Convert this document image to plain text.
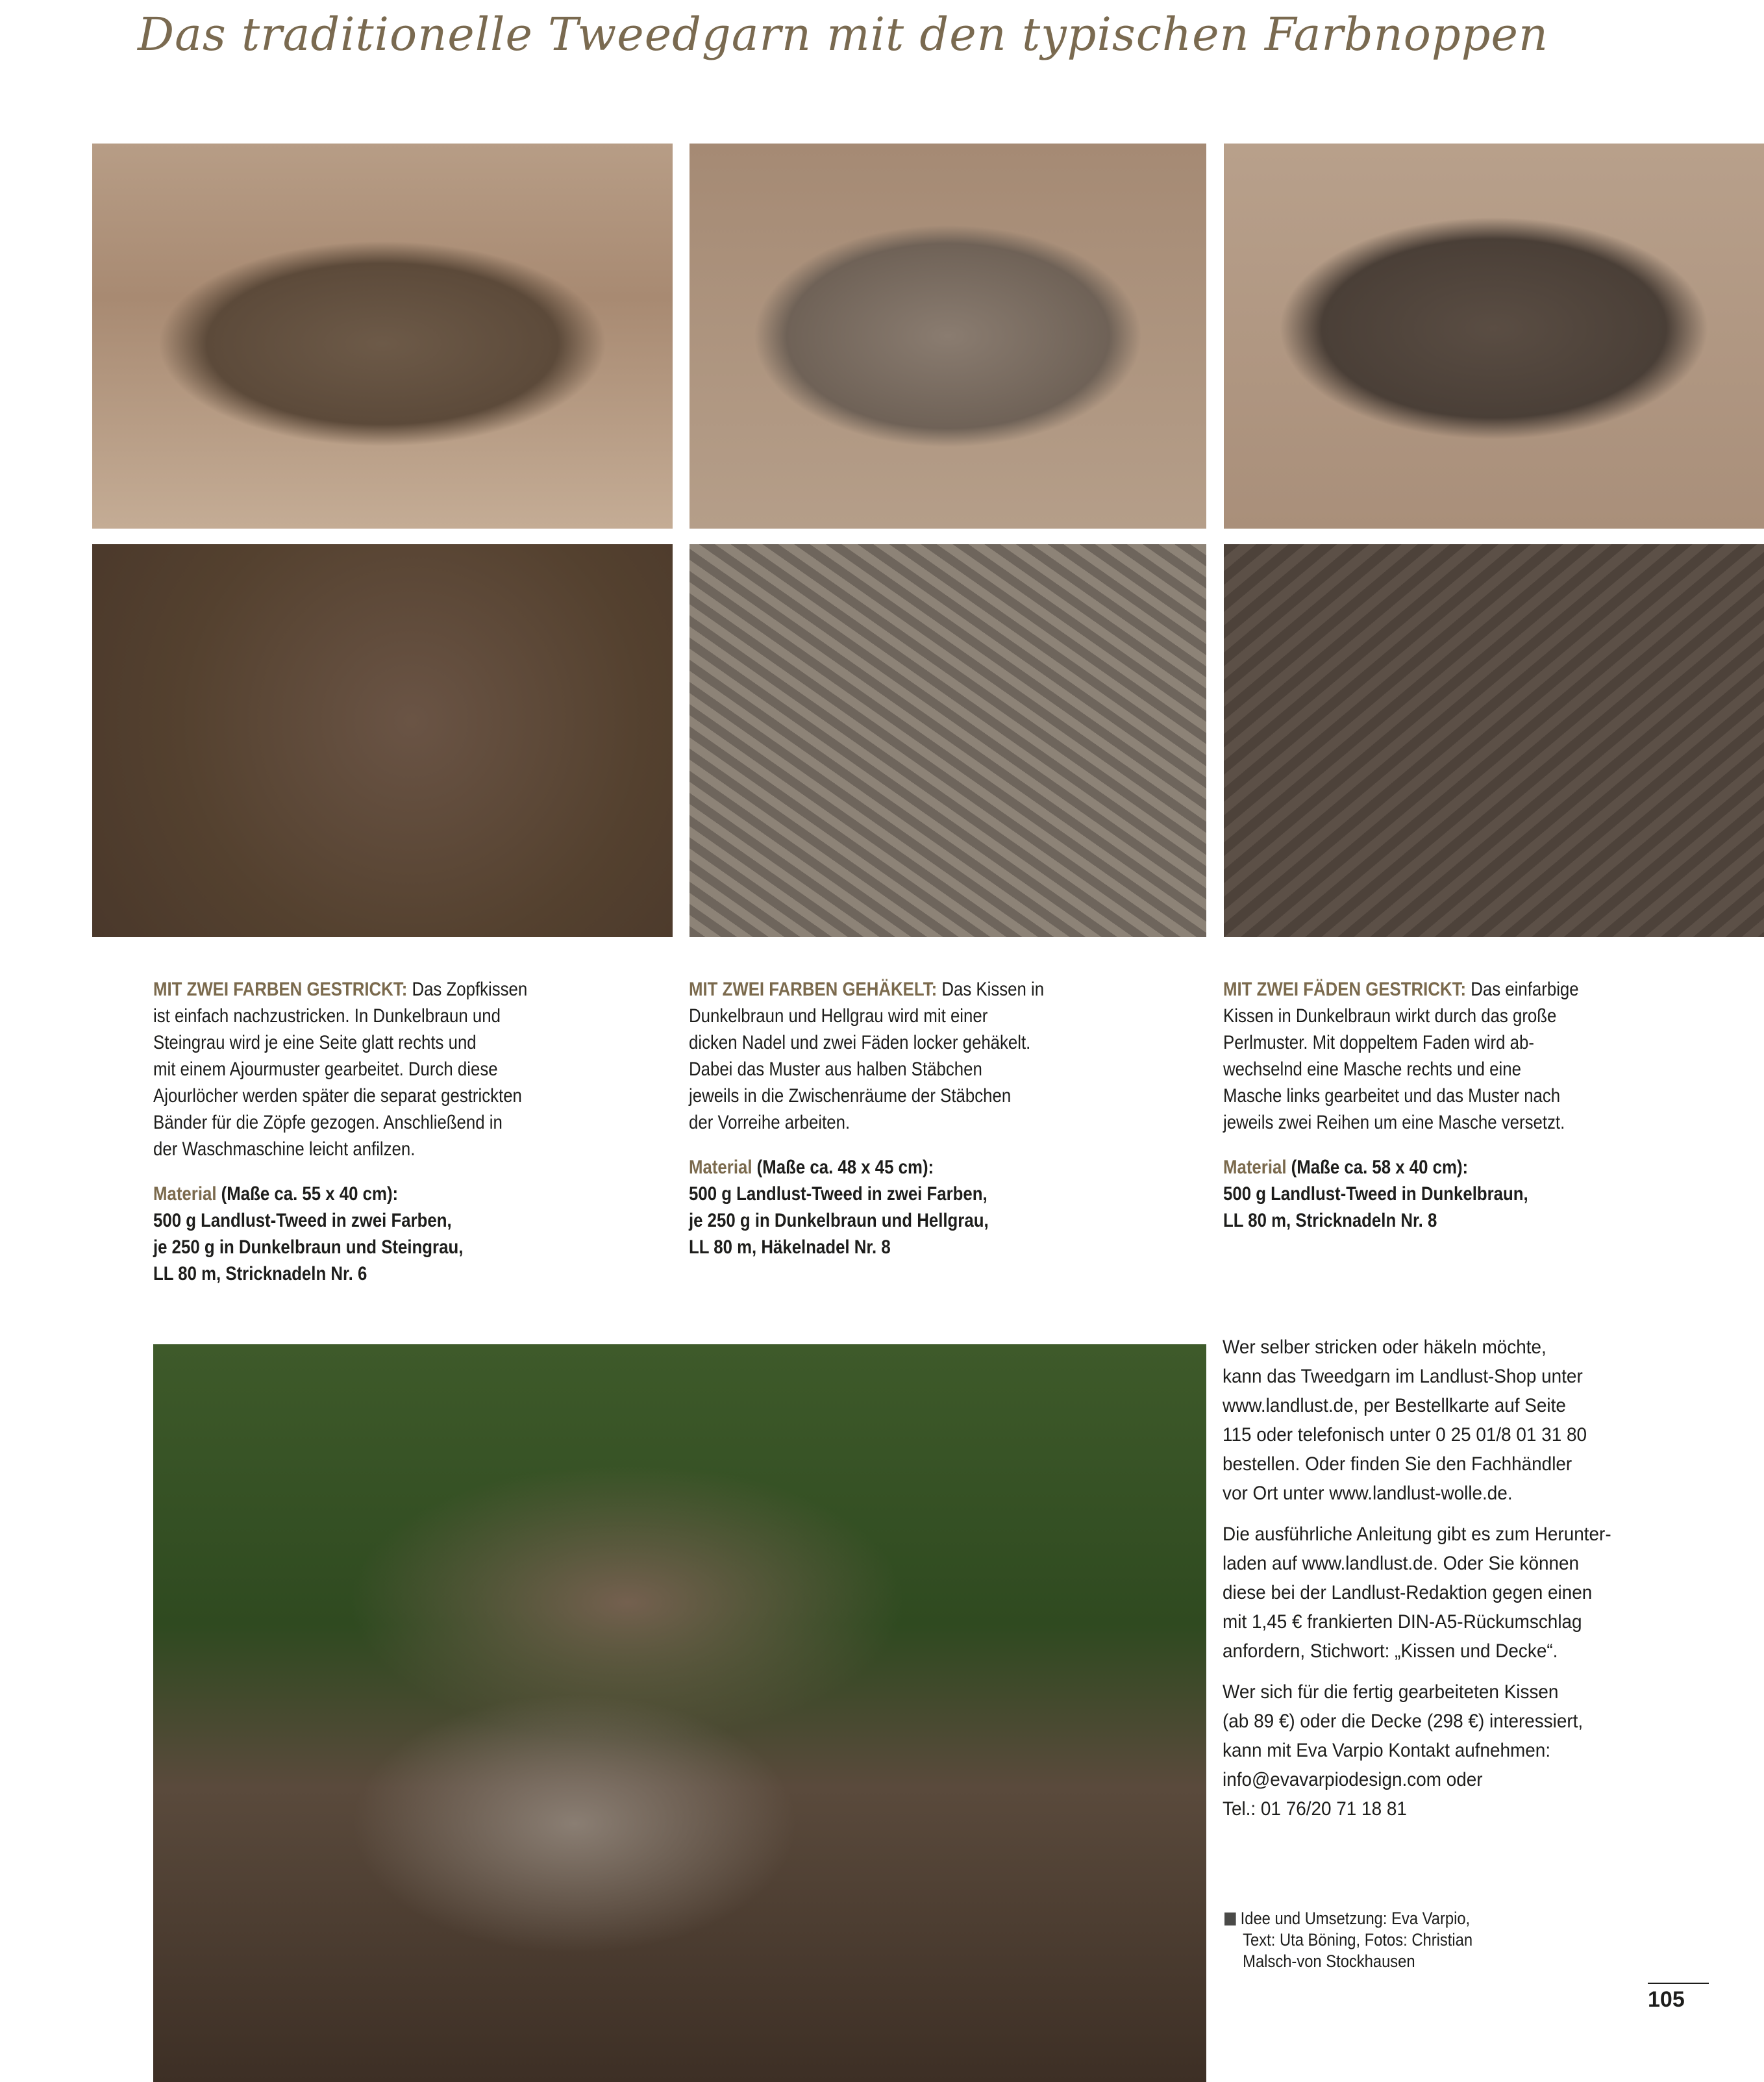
Das traditionelle Tweedgarn mit den typischen Farbnoppen

MIT ZWEI FARBEN GESTRICKT: Das Zopfkissen

ist einfach nachzustricken. In Dunkelbraun und

Steingrau wird je eine Seite glatt rechts und

mit einem Ajourmuster gearbeitet. Durch diese

Ajourlöcher werden später die separat gestrickten

Bänder für die Zöpfe gezogen. Anschließend in

der Waschmaschine leicht anfilzen.

Material (Maße ca. 55 x 40 cm):

500 g Landlust-Tweed in zwei Farben,

je 250 g in Dunkelbraun und Steingrau,

LL 80 m, Stricknadeln Nr. 6

MIT ZWEI FARBEN GEHÄKELT: Das Kissen in

Dunkelbraun und Hellgrau wird mit einer

dicken Nadel und zwei Fäden locker gehäkelt.

Dabei das Muster aus halben Stäbchen

jeweils in die Zwischenräume der Stäbchen

der Vorreihe arbeiten.

Material (Maße ca. 48 x 45 cm):

500 g Landlust-Tweed in zwei Farben,

je 250 g in Dunkelbraun und Hellgrau,

LL 80 m, Häkelnadel Nr. 8

MIT ZWEI FÄDEN GESTRICKT: Das einfarbige

Kissen in Dunkelbraun wirkt durch das große

Perlmuster. Mit doppeltem Faden wird ab-

wechselnd eine Masche rechts und eine

Masche links gearbeitet und das Muster nach

jeweils zwei Reihen um eine Masche versetzt.

Material (Maße ca. 58 x 40 cm):

500 g Landlust-Tweed in Dunkelbraun,

LL 80 m, Stricknadeln Nr. 8

Wer selber stricken oder häkeln möchte,
kann das Tweedgarn im Landlust-Shop unter
www.landlust.de, per Bestellkarte auf Seite
115 oder telefonisch unter 0 25 01/8 01 31 80
bestellen. Oder finden Sie den Fachhändler
vor Ort unter www.landlust-wolle.de.

Die ausführliche Anleitung gibt es zum Herunter-
laden auf www.landlust.de. Oder Sie können
diese bei der Landlust-Redaktion gegen einen
mit 1,45 € frankierten DIN-A5-Rückumschlag
anfordern, Stichwort: „Kissen und Decke“.

Wer sich für die fertig gearbeiteten Kissen
(ab 89 €) oder die Decke (298 €) interessiert,
kann mit Eva Varpio Kontakt aufnehmen:
info@evavarpiodesign.com oder
Tel.: 01 76/20 71 18 81

Idee und Umsetzung: Eva Varpio,
Text: Uta Böning, Fotos: Christian
Malsch-von Stockhausen
105
